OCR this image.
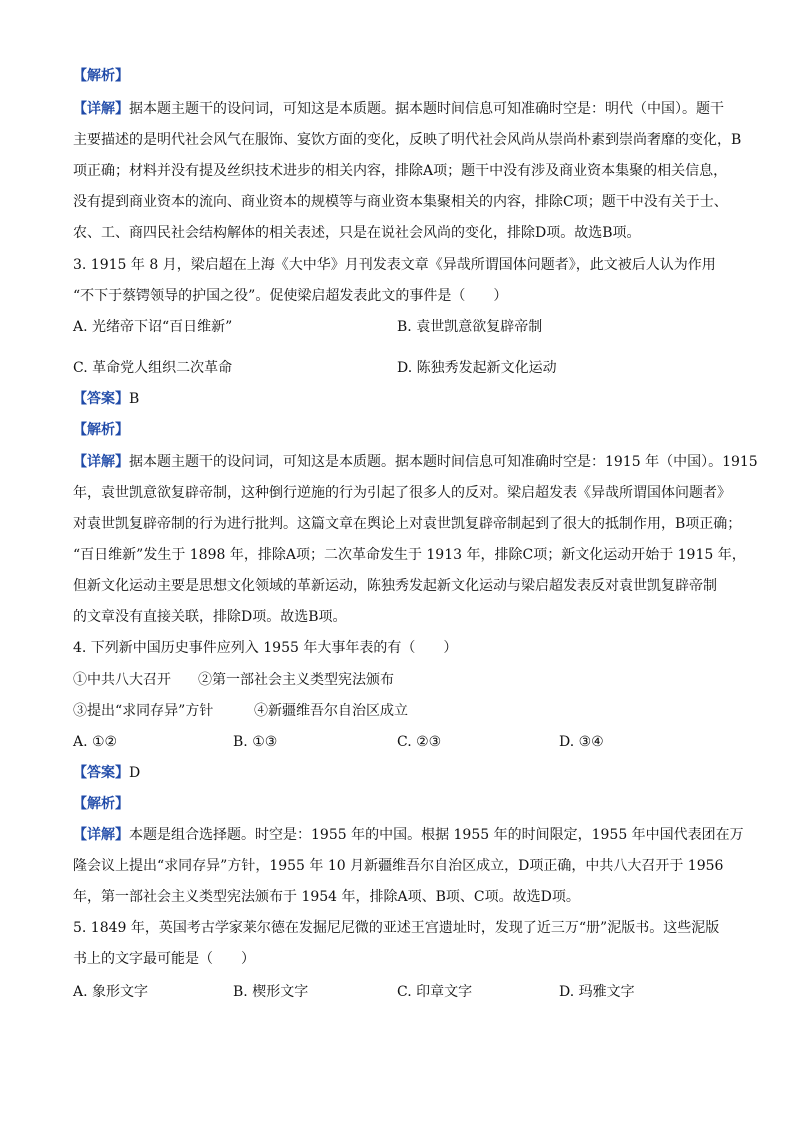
【解析】
【详解】据本题主题干的设问词，可知这是本质题。据本题时间信息可知准确时空是：明代（中国）。题干
主要描述的是明代社会风气在服饰、宴饮方面的变化，反映了明代社会风尚从崇尚朴素到崇尚奢靡的变化，B
项正确；材料并没有提及丝织技术进步的相关内容，排除A项；题干中没有涉及商业资本集聚的相关信息，
没有提到商业资本的流向、商业资本的规模等与商业资本集聚相关的内容，排除C项；题干中没有关于士、
农、工、商四民社会结构解体的相关表述，只是在说社会风尚的变化，排除D项。故选B项。
3. 1915 年 8 月，梁启超在上海《大中华》月刊发表文章《异哉所谓国体问题者》，此文被后人认为作用
“不下于蔡锷领导的护国之役”。促使梁启超发表此文的事件是（　　）
A. 光绪帝下诏“百日维新”	B. 袁世凯意欲复辟帝制
C. 革命党人组织二次革命	D. 陈独秀发起新文化运动
【答案】B
【解析】
【详解】据本题主题干的设问词，可知这是本质题。据本题时间信息可知准确时空是：1915 年（中国）。1915
年，袁世凯意欲复辟帝制，这种倒行逆施的行为引起了很多人的反对。梁启超发表《异哉所谓国体问题者》
对袁世凯复辟帝制的行为进行批判。这篇文章在舆论上对袁世凯复辟帝制起到了很大的抵制作用，B项正确；
“百日维新”发生于 1898 年，排除A项；二次革命发生于 1913 年，排除C项；新文化运动开始于 1915 年，
但新文化运动主要是思想文化领域的革新运动，陈独秀发起新文化运动与梁启超发表反对袁世凯复辟帝制
的文章没有直接关联，排除D项。故选B项。
4. 下列新中国历史事件应列入 1955 年大事年表的有（　　）
①中共八大召开 ②第一部社会主义类型宪法颁布
③提出“求同存异”方针	④新疆维吾尔自治区成立
A. ①②	B. ①③	C. ②③	D. ③④
【答案】D
【解析】
【详解】本题是组合选择题。时空是：1955 年的中国。根据 1955 年的时间限定，1955 年中国代表团在万
隆会议上提出“求同存异”方针，1955 年 10 月新疆维吾尔自治区成立，D项正确，中共八大召开于 1956
年，第一部社会主义类型宪法颁布于 1954 年，排除A项、B项、C项。故选D项。
5. 1849 年，英国考古学家莱尔德在发掘尼尼微的亚述王宫遗址时，发现了近三万“册”泥版书。这些泥版
书上的文字最可能是（　　）
A. 象形文字	B. 楔形文字	C. 印章文字	D. 玛雅文字
